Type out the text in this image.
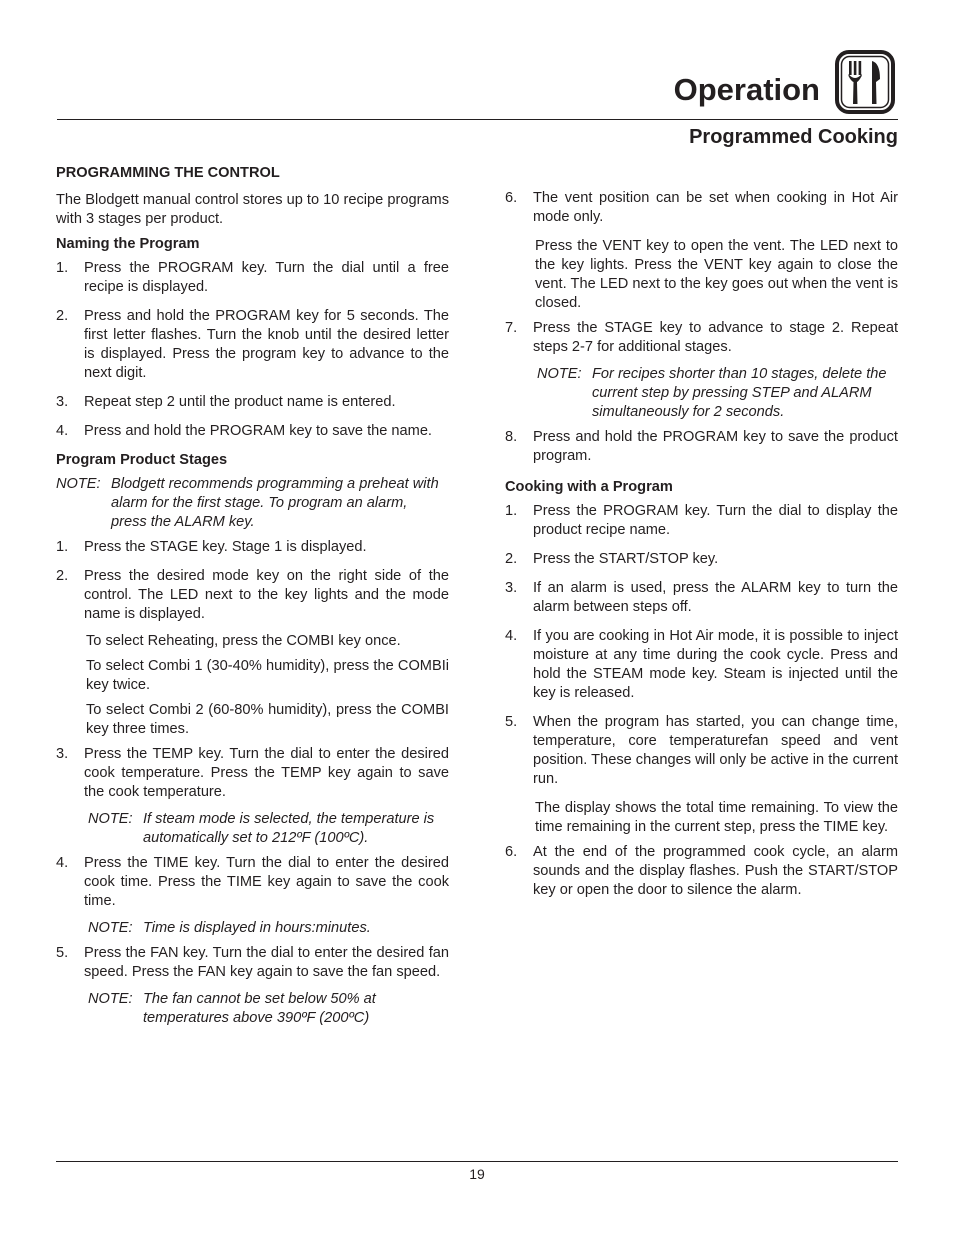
Operation
Programmed Cooking
PROGRAMMING THE CONTROL

The Blodgett manual control stores up to 10 recipe programs with 3 stages per product.

Naming the Program
1.	Press the PROGRAM key. Turn the dial until a free recipe is displayed.
2.	Press and hold the PROGRAM key for 5 seconds. The first letter flashes. Turn the knob until the desired letter is displayed. Press the program key to advance to the next digit.
3.	Repeat step 2 until the product name is entered.
4.	Press and hold the PROGRAM key to save the name.
Program Product Stages
NOTE: Blodgett recommends programming a preheat with alarm for the first stage. To program an alarm, press the ALARM key.
1.	Press the STAGE key. Stage 1 is displayed.
2.	Press the desired mode key on the right side of the control. The LED next to the key lights and the mode name is displayed.

To select Reheating, press the COMBI key once.

To select Combi 1 (30-40% humidity), press the COMBIi key twice.

To select Combi 2 (60-80% humidity), press the COMBI key three times.

3.	Press the TEMP key. Turn the dial to enter the desired cook temperature. Press the TEMP key again to save the cook temperature.
NOTE: If steam mode is selected, the temperature is automatically set to 212ºF (100ºC).
4.	Press the TIME key. Turn the dial to enter the desired cook time. Press the TIME key again to save the cook time.
NOTE: Time is displayed in hours:minutes.
5.	Press the FAN key. Turn the dial to enter the desired fan speed. Press the FAN key again to save the fan speed.
NOTE: The fan cannot be set below 50% at temperatures above 390ºF (200ºC)
6.	The vent position can be set when cooking in Hot Air mode only.

Press the VENT key to open the vent. The LED next to the key lights. Press the VENT key again to close the vent. The LED next to the key goes out when the vent is closed.

7.	Press the STAGE key to advance to stage 2. Repeat steps 2-7 for additional stages.
NOTE: For recipes shorter than 10 stages, delete the current step by pressing STEP and ALARM simultaneously for 2 seconds.
8.	Press and hold the PROGRAM key to save the product program.
Cooking with a Program
1.	Press the PROGRAM key. Turn the dial to display the product recipe name.
2.	Press the START/STOP key.
3.	If an alarm is used, press the ALARM key to turn the alarm between steps off.
4.	If you are cooking in Hot Air mode, it is possible to inject moisture at any time during the cook cycle. Press and hold the STEAM mode key. Steam is injected until the key is released.
5.	When the program has started, you can change time, temperature, core temperaturefan speed and vent position. These changes will only be active in the current run.

The display shows the total time remaining. To view the time remaining in the current step, press the TIME key.

6.	At the end of the programmed cook cycle, an alarm sounds and the display flashes. Push the START/STOP key or open the door to silence the alarm.
19
